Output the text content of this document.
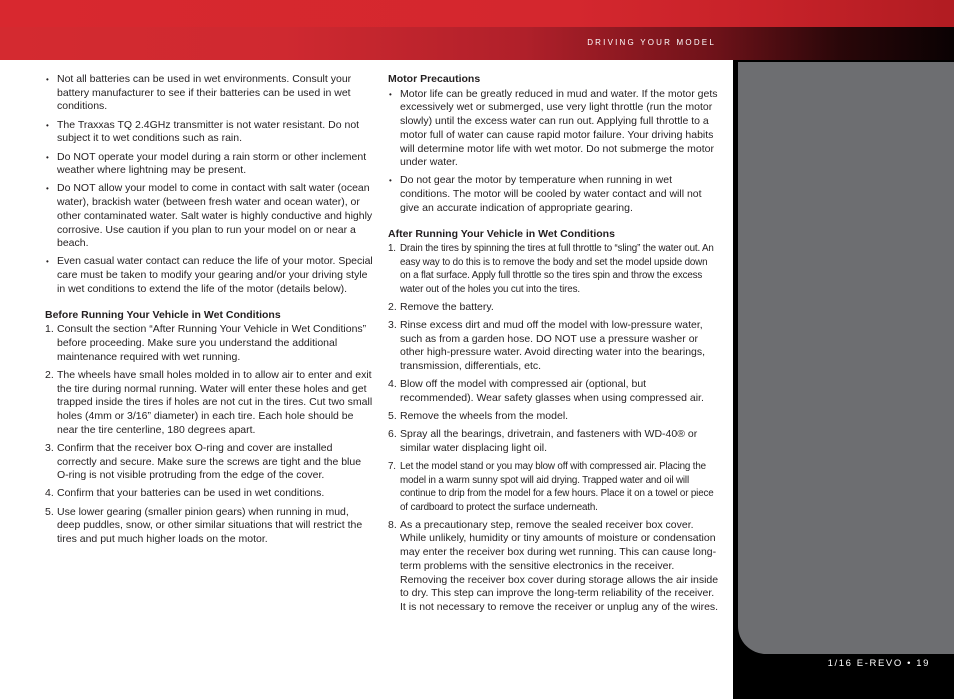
DRIVING YOUR MODEL
1/16 E-REVO • 19
• Not all batteries can be used in wet environments. Consult your battery manufacturer to see if their batteries can be used in wet conditions.
• The Traxxas TQ 2.4GHz transmitter is not water resistant. Do not subject it to wet conditions such as rain.
• Do NOT operate your model during a rain storm or other inclement weather where lightning may be present.
• Do NOT allow your model to come in contact with salt water (ocean water), brackish water (between fresh water and ocean water), or other contaminated water. Salt water is highly conductive and highly corrosive. Use caution if you plan to run your model on or near a beach.
• Even casual water contact can reduce the life of your motor. Special care must be taken to modify your gearing and/or your driving style in wet conditions to extend the life of the motor (details below).
Before Running Your Vehicle in Wet Conditions
1. Consult the section “After Running Your Vehicle in Wet Conditions” before proceeding. Make sure you understand the additional maintenance required with wet running.
2. The wheels have small holes molded in to allow air to enter and exit the tire during normal running. Water will enter these holes and get trapped inside the tires if holes are not cut in the tires. Cut two small holes (4mm or 3/16” diameter) in each tire. Each hole should be near the tire centerline, 180 degrees apart.
3. Confirm that the receiver box O-ring and cover are installed correctly and secure. Make sure the screws are tight and the blue O-ring is not visible protruding from the edge of the cover.
4. Confirm that your batteries can be used in wet conditions.
5. Use lower gearing (smaller pinion gears) when running in mud, deep puddles, snow, or other similar situations that will restrict the tires and put much higher loads on the motor.
Motor Precautions
• Motor life can be greatly reduced in mud and water. If the motor gets excessively wet or submerged, use very light throttle (run the motor slowly) until the excess water can run out. Applying full throttle to a motor full of water can cause rapid motor failure. Your driving habits will determine motor life with wet motor. Do not submerge the motor under water.
• Do not gear the motor by temperature when running in wet conditions. The motor will be cooled by water contact and will not give an accurate indication of appropriate gearing.
After Running Your Vehicle in Wet Conditions
1. Drain the tires by spinning the tires at full throttle to “sling” the water out. An easy way to do this is to remove the body and set the model upside down on a flat surface. Apply full throttle so the tires spin and throw the excess water out of the holes you cut into the tires.
2. Remove the battery.
3. Rinse excess dirt and mud off the model with low-pressure water, such as from a garden hose. DO NOT use a pressure washer or other high-pressure water. Avoid directing water into the bearings, transmission, differentials, etc.
4. Blow off the model with compressed air (optional, but recommended). Wear safety glasses when using compressed air.
5. Remove the wheels from the model.
6. Spray all the bearings, drivetrain, and fasteners with WD-40® or similar water displacing light oil.
7. Let the model stand or you may blow off with compressed air. Placing the model in a warm sunny spot will aid drying. Trapped water and oil will continue to drip from the model for a few hours. Place it on a towel or piece of cardboard to protect the surface underneath.
8. As a precautionary step, remove the sealed receiver box cover. While unlikely, humidity or tiny amounts of moisture or condensation may enter the receiver box during wet running. This can cause long-term problems with the sensitive electronics in the receiver. Removing the receiver box cover during storage allows the air inside to dry. This step can improve the long-term reliability of the receiver. It is not necessary to remove the receiver or unplug any of the wires.
